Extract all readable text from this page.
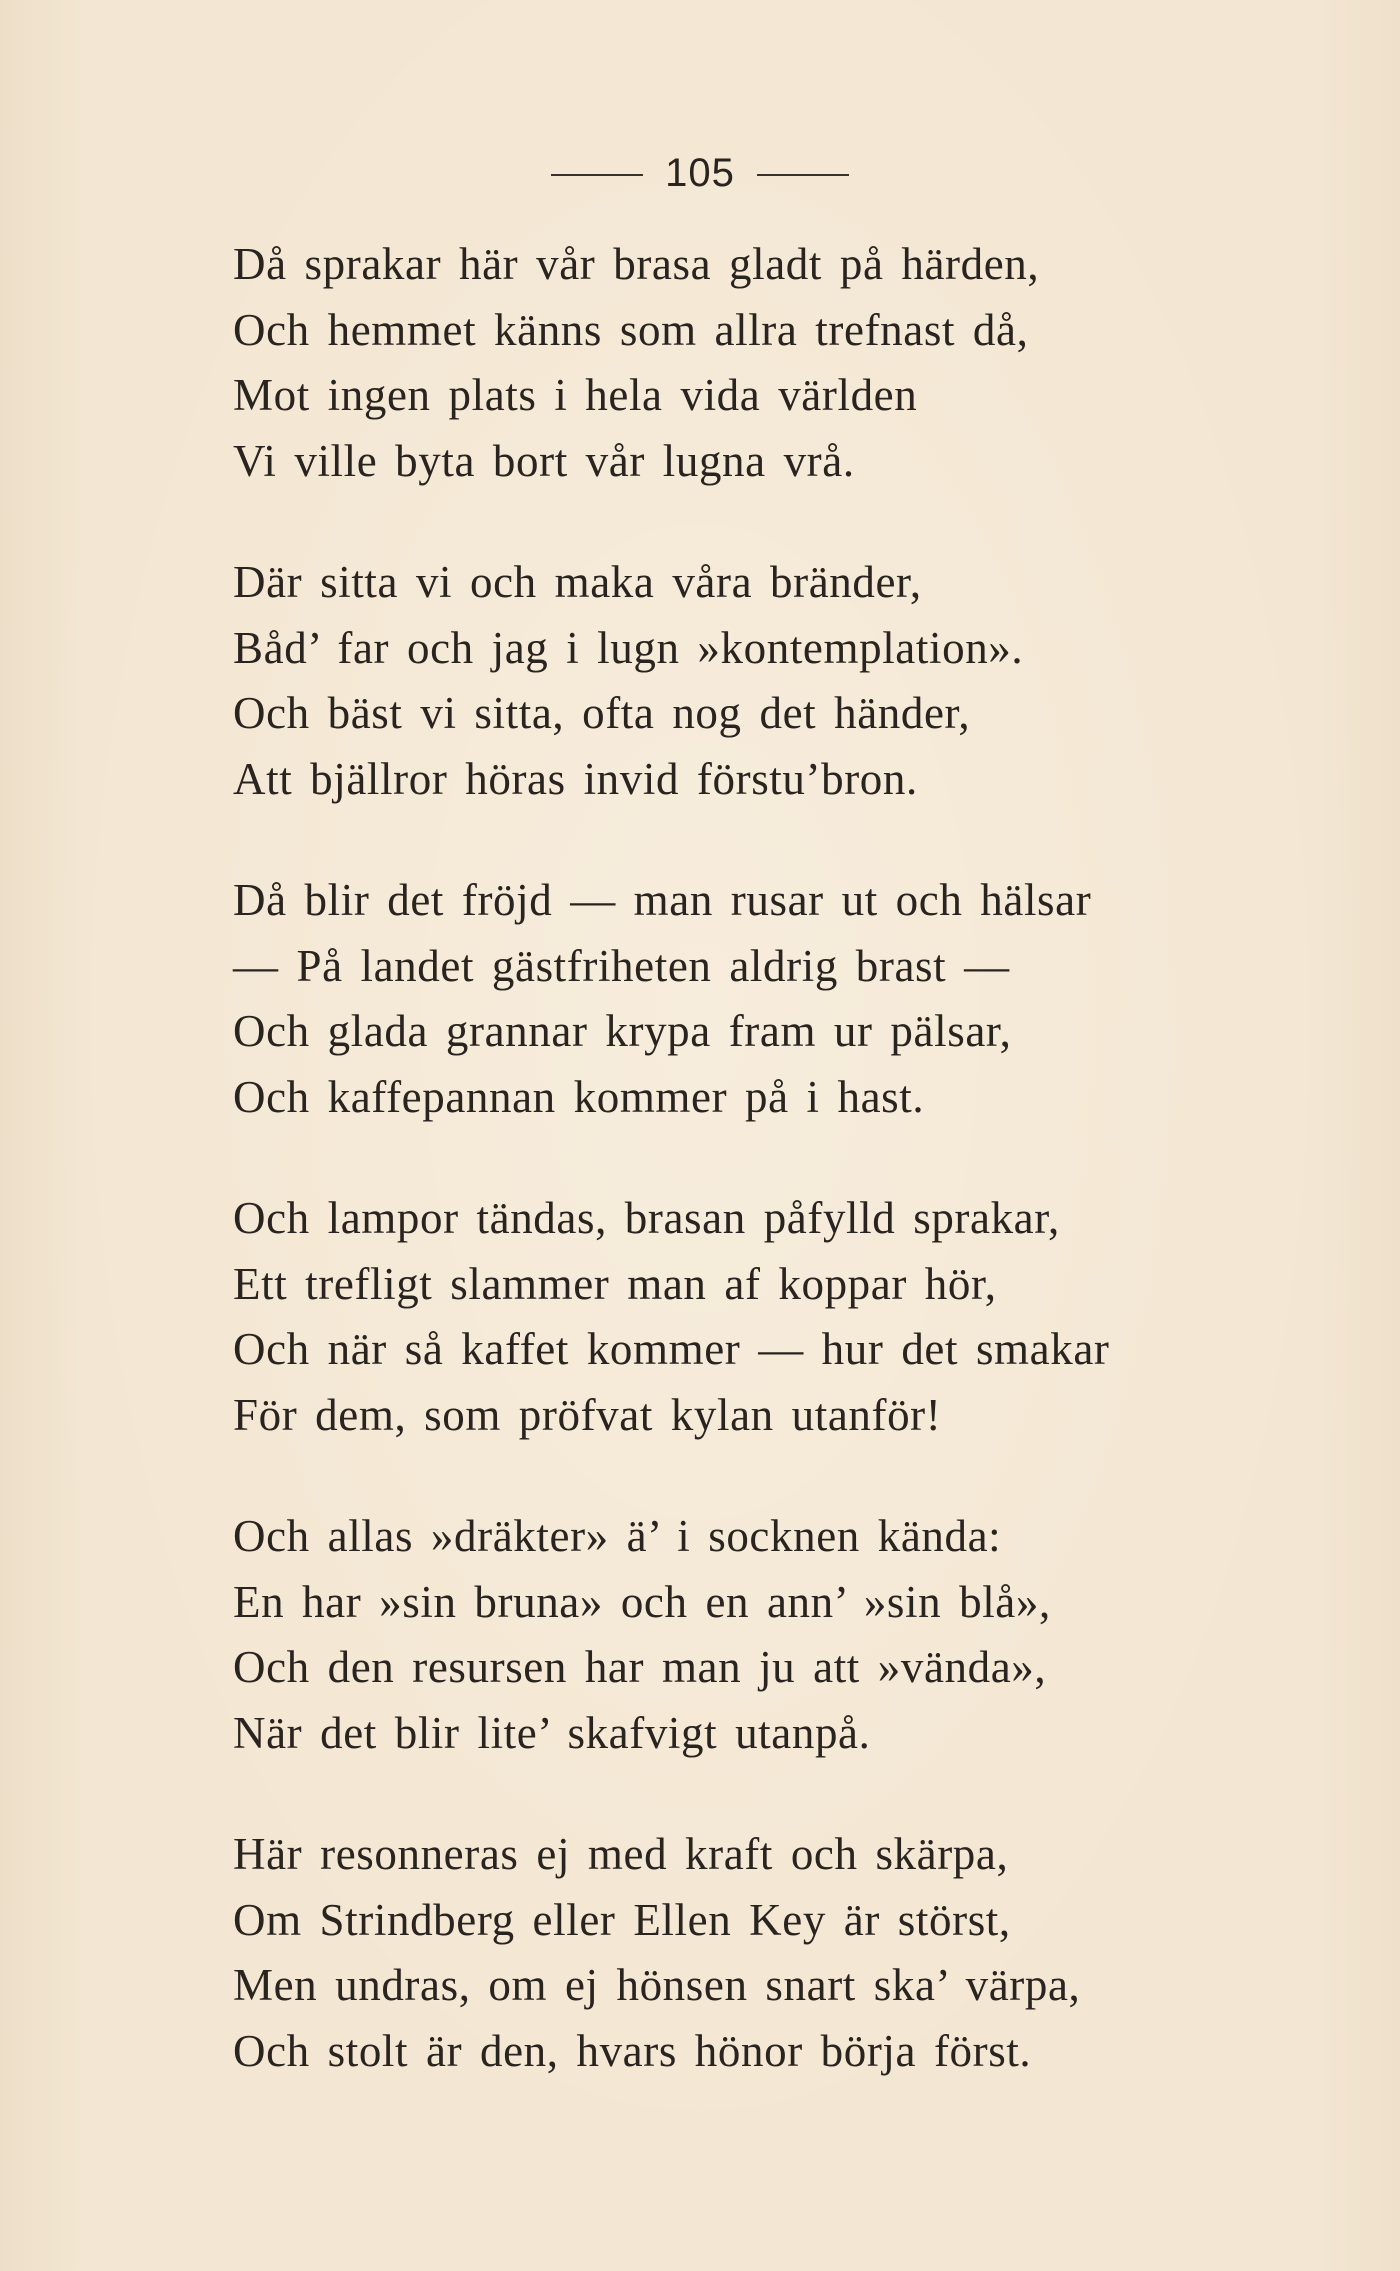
105
Då sprakar här vår brasa gladt på härden,
Och hemmet känns som allra trefnast då,
Mot ingen plats i hela vida världen
Vi ville byta bort vår lugna vrå.
Där sitta vi och maka våra bränder,
Båd’ far och jag i lugn »kontemplation».
Och bäst vi sitta, ofta nog det händer,
Att bjällror höras invid förstu’bron.
Då blir det fröjd — man rusar ut och hälsar
— På landet gästfriheten aldrig brast —
Och glada grannar krypa fram ur pälsar,
Och kaffepannan kommer på i hast.
Och lampor tändas, brasan påfylld sprakar,
Ett trefligt slammer man af koppar hör,
Och när så kaffet kommer — hur det smakar
För dem, som pröfvat kylan utanför!
Och allas »dräkter» ä’ i socknen kända:
En har »sin bruna» och en ann’ »sin blå»,
Och den resursen har man ju att »vända»,
När det blir lite’ skafvigt utanpå.
Här resonneras ej med kraft och skärpa,
Om Strindberg eller Ellen Key är störst,
Men undras, om ej hönsen snart ska’ värpa,
Och stolt är den, hvars hönor börja först.
